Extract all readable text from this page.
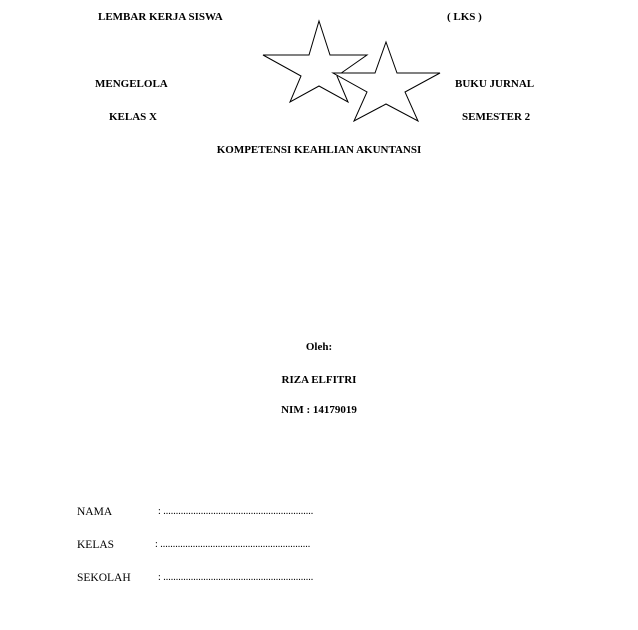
LEMBAR KERJA SISWA	( LKS )
MENGELOLA	BUKU JURNAL
KELAS X	SEMESTER 2
KOMPETENSI KEAHLIAN AKUNTANSI
Oleh:
RIZA ELFITRI
NIM : 14179019
NAMA	: ............................................................
KELAS	: ............................................................
SEKOLAH	: ............................................................
